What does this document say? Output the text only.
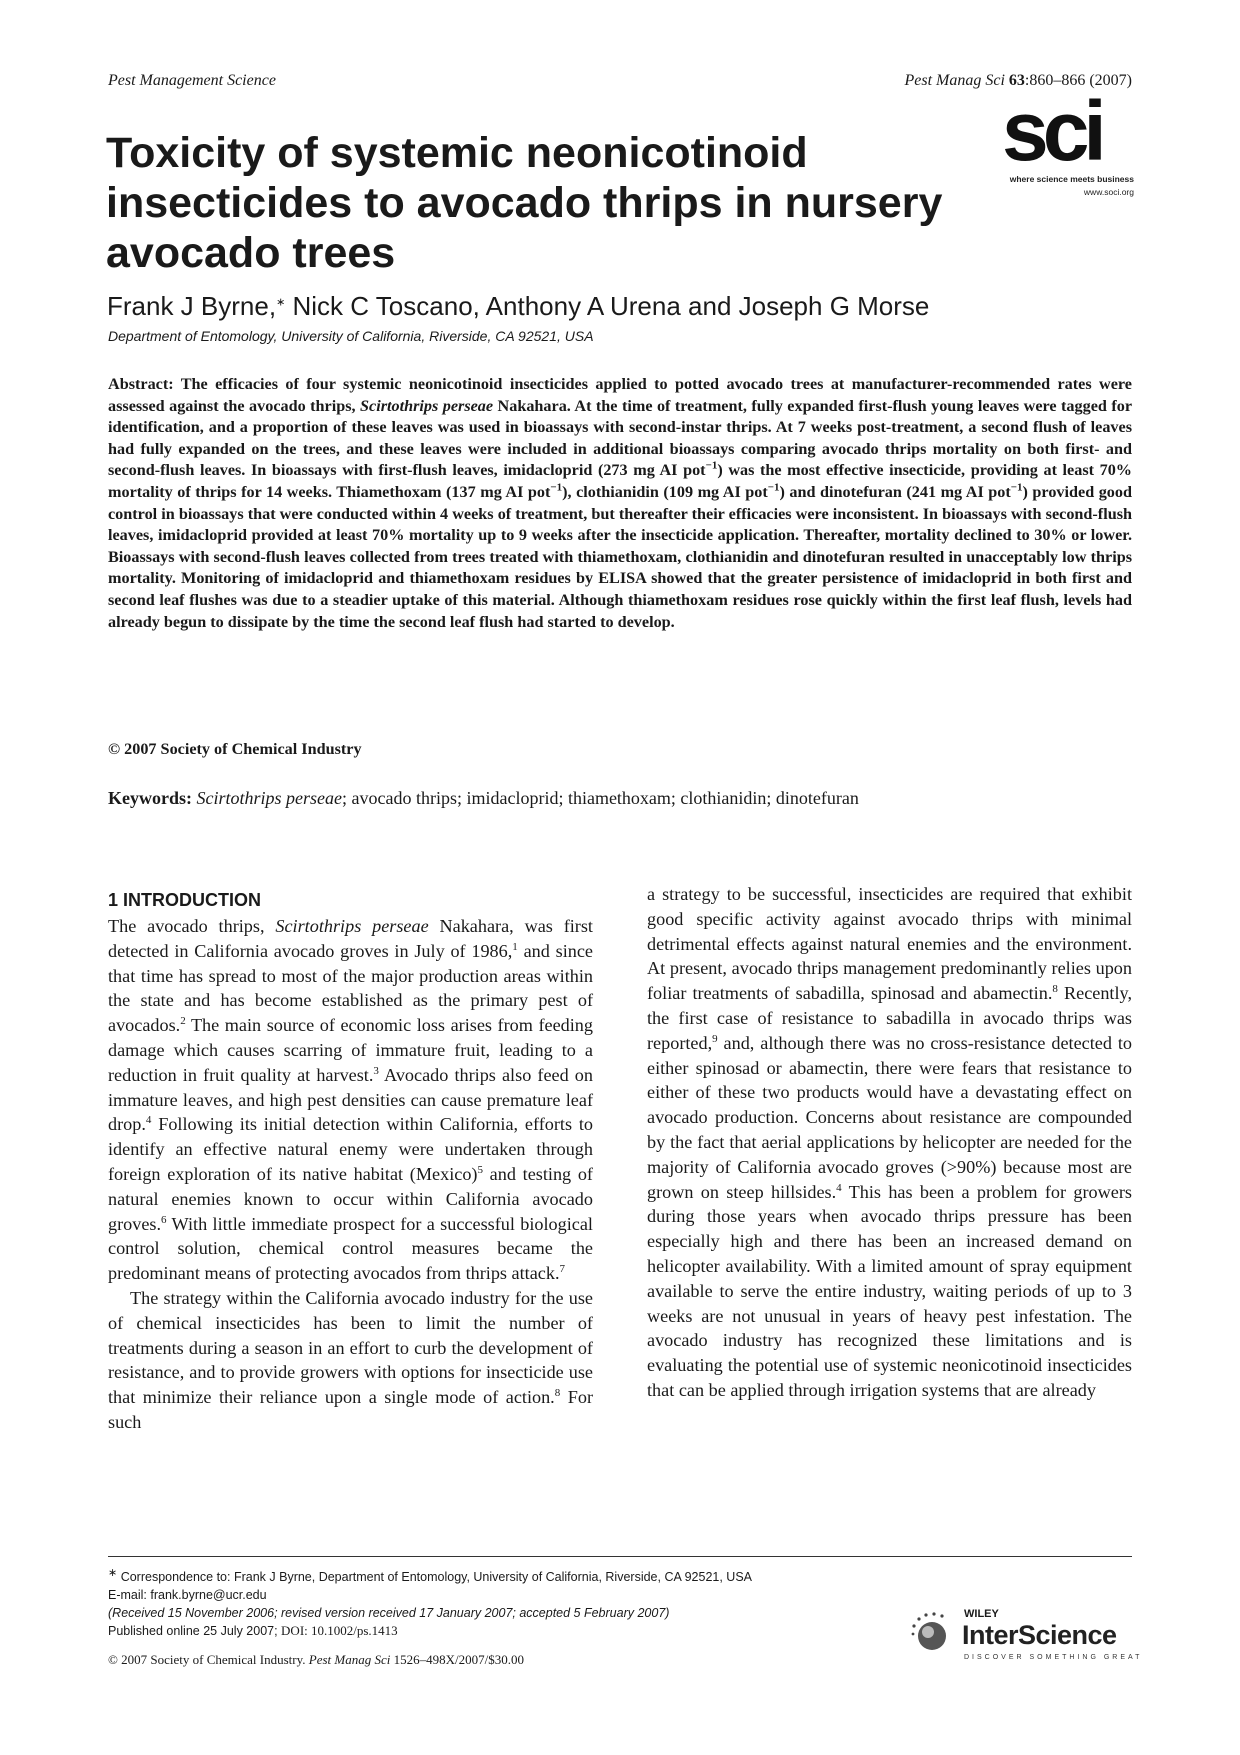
Pest Management Science	Pest Manag Sci 63:860–866 (2007)
sci
where science meets business
www.soci.org
Toxicity of systemic neonicotinoid insecticides to avocado thrips in nursery avocado trees
Frank J Byrne,∗ Nick C Toscano, Anthony A Urena and Joseph G Morse
Department of Entomology, University of California, Riverside, CA 92521, USA

Abstract: The efficacies of four systemic neonicotinoid insecticides applied to potted avocado trees at manufacturer-recommended rates were assessed against the avocado thrips, Scirtothrips perseae Nakahara. At the time of treatment, fully expanded first-flush young leaves were tagged for identification, and a proportion of these leaves was used in bioassays with second-instar thrips. At 7 weeks post-treatment, a second flush of leaves had fully expanded on the trees, and these leaves were included in additional bioassays comparing avocado thrips mortality on both first- and second-flush leaves. In bioassays with first-flush leaves, imidacloprid (273 mg AI pot$^{-1}$) was the most effective insecticide, providing at least 70% mortality of thrips for 14 weeks. Thiamethoxam (137 mg AI pot$^{-1}$), clothianidin (109 mg AI pot$^{-1}$) and dinotefuran (241 mg AI pot$^{-1}$) provided good control in bioassays that were conducted within 4 weeks of treatment, but thereafter their efficacies were inconsistent. In bioassays with second-flush leaves, imidacloprid provided at least 70% mortality up to 9 weeks after the insecticide application. Thereafter, mortality declined to 30% or lower. Bioassays with second-flush leaves collected from trees treated with thiamethoxam, clothianidin and dinotefuran resulted in unacceptably low thrips mortality. Monitoring of imidacloprid and thiamethoxam residues by ELISA showed that the greater persistence of imidacloprid in both first and second leaf flushes was due to a steadier uptake of this material. Although thiamethoxam residues rose quickly within the first leaf flush, levels had already begun to dissipate by the time the second leaf flush had started to develop.

© 2007 Society of Chemical Industry
Keywords: Scirtothrips perseae; avocado thrips; imidacloprid; thiamethoxam; clothianidin; dinotefuran
1 INTRODUCTION

The avocado thrips, Scirtothrips perseae Nakahara, was first detected in California avocado groves in July of 1986,$^1$ and since that time has spread to most of the major production areas within the state and has become established as the primary pest of avocados.$^2$ The main source of economic loss arises from feeding damage which causes scarring of immature fruit, leading to a reduction in fruit quality at harvest.$^3$ Avocado thrips also feed on immature leaves, and high pest densities can cause premature leaf drop.$^4$ Following its initial detection within California, efforts to identify an effective natural enemy were undertaken through foreign exploration of its native habitat (Mexico)$^5$ and testing of natural enemies known to occur within California avocado groves.$^6$ With little immediate prospect for a successful biological control solution, chemical control measures became the predominant means of protecting avocados from thrips attack.$^7$

The strategy within the California avocado industry for the use of chemical insecticides has been to limit the number of treatments during a season in an effort to curb the development of resistance, and to provide growers with options for insecticide use that minimize their reliance upon a single mode of action.$^8$ For such

a strategy to be successful, insecticides are required that exhibit good specific activity against avocado thrips with minimal detrimental effects against natural enemies and the environment. At present, avocado thrips management predominantly relies upon foliar treatments of sabadilla, spinosad and abamectin.$^8$ Recently, the first case of resistance to sabadilla in avocado thrips was reported,$^9$ and, although there was no cross-resistance detected to either spinosad or abamectin, there were fears that resistance to either of these two products would have a devastating effect on avocado production. Concerns about resistance are compounded by the fact that aerial applications by helicopter are needed for the majority of California avocado groves (>90%) because most are grown on steep hillsides.$^4$ This has been a problem for growers during those years when avocado thrips pressure has been especially high and there has been an increased demand on helicopter availability. With a limited amount of spray equipment available to serve the entire industry, waiting periods of up to 3 weeks are not unusual in years of heavy pest infestation. The avocado industry has recognized these limitations and is evaluating the potential use of systemic neonicotinoid insecticides that can be applied through irrigation systems that are already

∗ Correspondence to: Frank J Byrne, Department of Entomology, University of California, Riverside, CA 92521, USA
E-mail: frank.byrne@ucr.edu
(Received 15 November 2006; revised version received 17 January 2007; accepted 5 February 2007)
Published online 25 July 2007; DOI: 10.1002/ps.1413
© 2007 Society of Chemical Industry. Pest Manag Sci 1526–498X/2007/$30.00
WILEY
InterScience
DISCOVER SOMETHING GREAT
